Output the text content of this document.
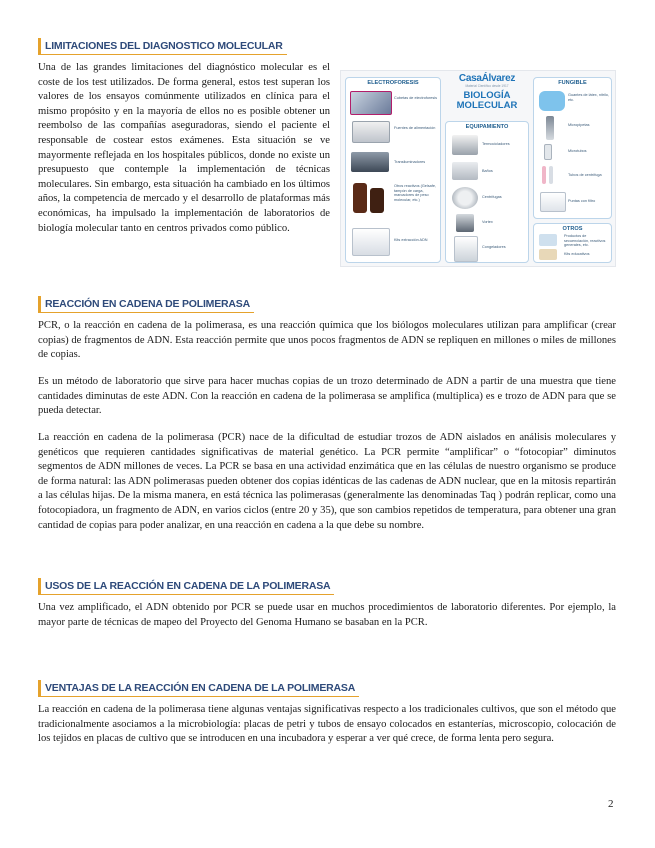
LIMITACIONES DEL DIAGNOSTICO MOLECULAR
Una de las grandes limitaciones del diagnóstico molecular es el coste de los test utilizados. De forma general, estos test superan los valores de los ensayos comúnmente utilizados en clínica para el mismo propósito y en la mayoría de ellos no es posible obtener un reembolso de las compañías aseguradoras, siendo el paciente el responsable de costear estos exámenes. Esta situación se ve mayormente reflejada en los hospitales públicos, donde no existe un presupuesto que contemple la implementación de técnicas moleculares. Sin embargo, esta situación ha cambiado en los últimos años, la competencia de mercado y el desarrollo de plataformas más económicas, ha impulsado la implementación de laboratorios de biología molecular tanto en centros privados como público.
ELECTROFORESIS
Cubetas de electroforesis
Fuentes de alimentación
Transiluminadores
Otros reactivos (Gelsafe, tampón de carga, marcadores de peso molecular, etc.)
Kits extracción ADN
CasaÁlvarez
Material Científico desde 1917
BIOLOGÍA
MOLECULAR
EQUIPAMIENTO
Termocicladores
Baños
Centrífugas
Vortex
Congeladores
FUNGIBLE
Guantes de látex, nitrilo, etc.
Micropipetas
Microtubos
Tubos de centrífuga
Puntas con filtro
OTROS
Productos de secuenciación, reactivos generales, etc.
Kits educativos
REACCIÓN EN CADENA DE POLIMERASA
PCR, o la reacción en cadena de la polimerasa, es una reacción química que los biólogos moleculares utilizan para amplificar (crear copias) de fragmentos de ADN. Esta reacción permite que unos pocos fragmentos de ADN se repliquen en millones o miles de millones de copias.
Es un método de laboratorio que sirve para hacer muchas copias de un trozo determinado de ADN a partir de una muestra que tiene cantidades diminutas de este ADN. Con la reacción en cadena de la polimerasa se amplifica (multiplica) es e trozo de ADN para que se pueda detectar.
La reacción en cadena de la polimerasa (PCR) nace de la dificultad de estudiar trozos de ADN aislados en análisis moleculares y genéticos que requieren cantidades significativas de material genético. La PCR permite “amplificar” o “fotocopiar” diminutos segmentos de ADN millones de veces. La PCR se basa en una actividad enzimática que en las células de nuestro organismo se produce de forma natural: las ADN polimerasas pueden obtener dos copias idénticas de las cadenas de ADN nuclear, que en la mitosis repartirán a las células hijas. De la misma manera, en está técnica las polimerasas (generalmente las denominadas Taq ) podrán replicar, como una fotocopiadora, un fragmento de ADN, en varios ciclos (entre 20 y 35), que son cambios repetidos de temperatura, para obtener una gran cantidad de copias para poder analizar, en una reacción en cadena a la que debe su nombre.
USOS DE LA REACCIÓN EN CADENA DE LA POLIMERASA
Una vez amplificado, el ADN obtenido por PCR se puede usar en muchos procedimientos de laboratorio diferentes. Por ejemplo, la mayor parte de técnicas de mapeo del Proyecto del Genoma Humano se basaban en la PCR.
VENTAJAS DE LA REACCIÓN EN CADENA DE LA POLIMERASA
La reacción en cadena de la polimerasa tiene algunas ventajas significativas respecto a los tradicionales cultivos, que son el método que tradicionalmente asociamos a la microbiología: placas de petri y tubos de ensayo colocados en estanterías, microscopio, colocación de los tejidos en placas de cultivo que se introducen en una incubadora y esperar a ver qué crece, de forma lenta pero segura.
2
